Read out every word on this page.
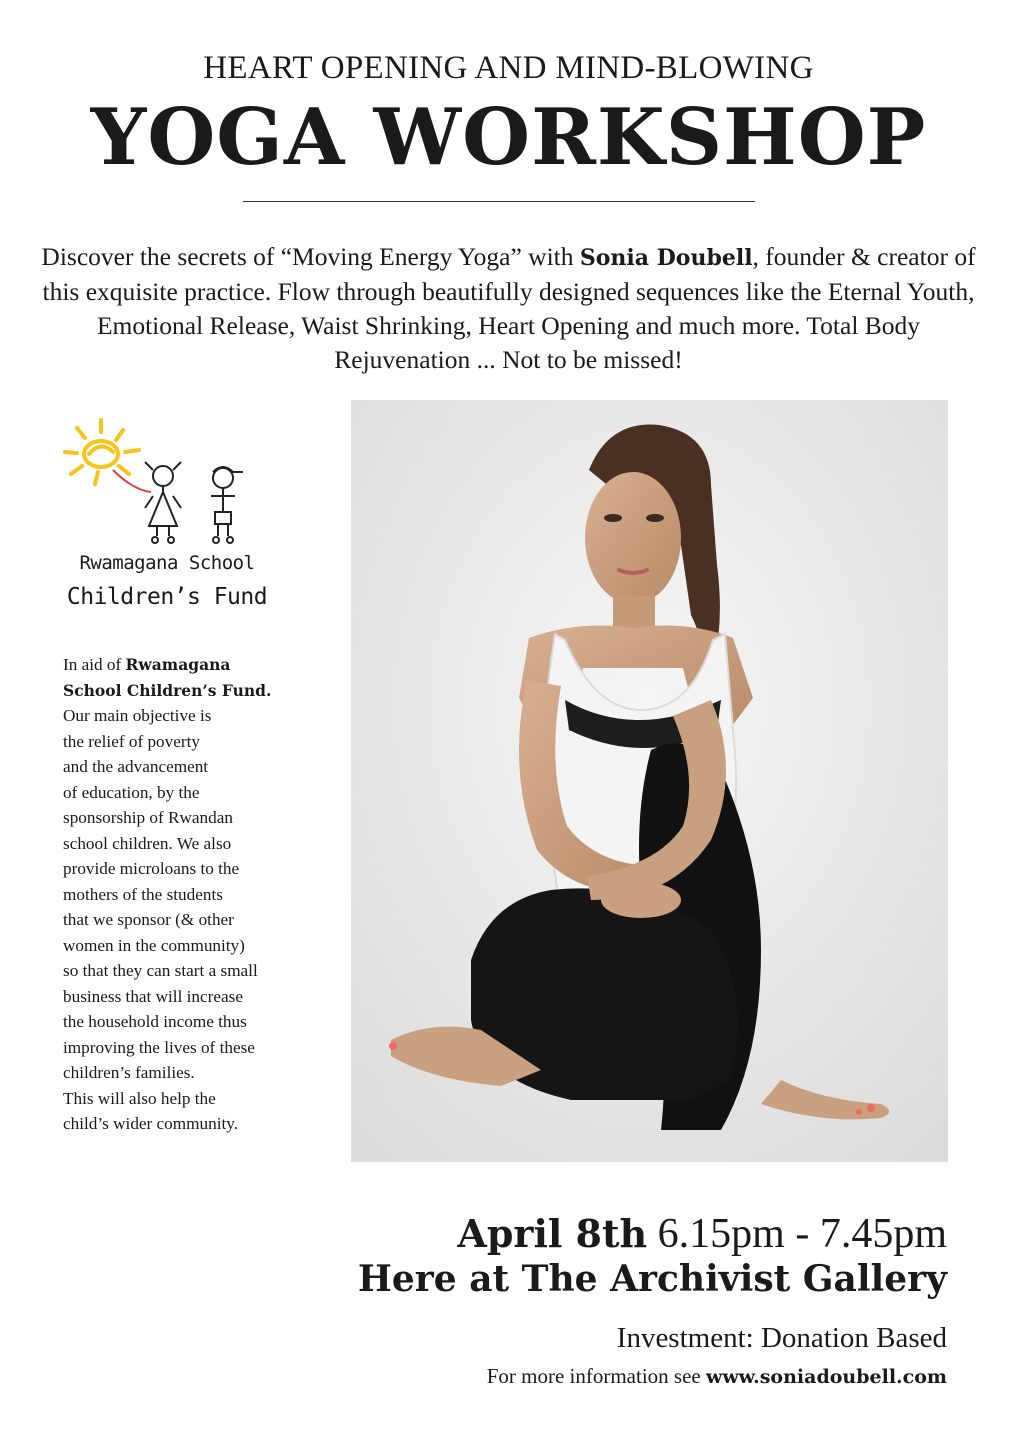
HEART OPENING AND MIND-BLOWING
YOGA WORKSHOP
Discover the secrets of “Moving Energy Yoga” with Sonia Doubell, founder & creator of this exquisite practice. Flow through beautifully designed sequences like the Eternal Youth, Emotional Release, Waist Shrinking, Heart Opening and much more. Total Body Rejuvenation ... Not to be missed!
Rwamagana School
Children’s Fund
In aid of Rwamagana
School Children’s Fund.
Our main objective is
the relief of poverty
and the advancement
of education, by the
sponsorship of Rwandan
school children. We also
provide microloans to the
mothers of the students
that we sponsor (& other
women in the community)
so that they can start a small
business that will increase
the household income thus
improving the lives of these
children’s families.
This will also help the
child’s wider community.
April 8th 6.15pm - 7.45pm
Here at The Archivist Gallery
Investment: Donation Based
For more information see www.soniadoubell.com
